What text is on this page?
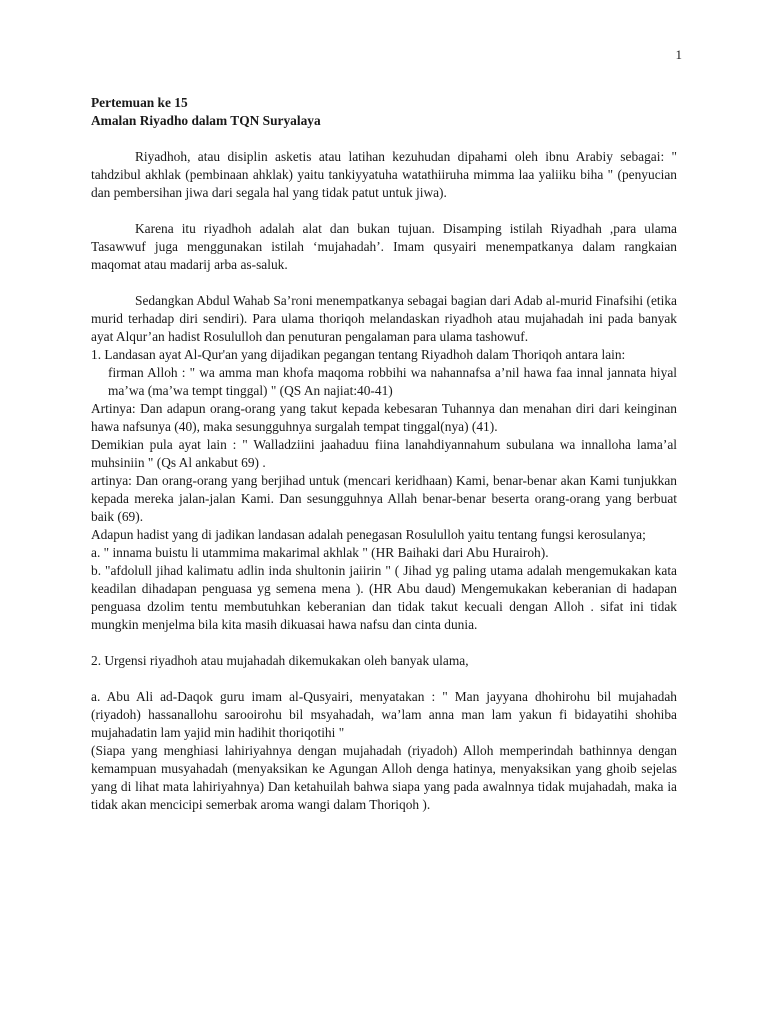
1

Pertemuan ke 15

Amalan Riyadho dalam TQN Suryalaya

Riyadhoh, atau disiplin asketis atau latihan kezuhudan dipahami oleh ibnu Arabiy sebagai: " tahdzibul akhlak (pembinaan ahklak) yaitu tankiyyatuha watathiiruha mimma laa yaliiku biha " (penyucian dan pembersihan jiwa dari segala hal yang tidak patut untuk jiwa).

Karena itu riyadhoh adalah alat dan bukan tujuan. Disamping istilah Riyadhah ,para ulama Tasawwuf juga menggunakan istilah ‘mujahadah’. Imam qusyairi menempatkanya dalam rangkaian maqomat atau madarij arba as-saluk.

Sedangkan Abdul Wahab Sa’roni menempatkanya sebagai bagian dari Adab al-murid Finafsihi (etika murid terhadap diri sendiri). Para ulama thoriqoh melandaskan riyadhoh atau mujahadah ini pada banyak ayat Alqur’an hadist Rosululloh dan penuturan pengalaman para ulama tashowuf.

1. Landasan ayat Al-Qur'an yang dijadikan pegangan tentang Riyadhoh dalam Thoriqoh antara lain:

firman Alloh : " wa amma man khofa maqoma robbihi wa nahannafsa a’nil hawa faa innal jannata hiyal ma’wa (ma’wa tempt tinggal) " (QS An najiat:40-41)

Artinya: Dan adapun orang-orang yang takut kepada kebesaran Tuhannya dan menahan diri dari keinginan hawa nafsunya (40), maka sesungguhnya surgalah tempat tinggal(nya) (41).

Demikian pula ayat lain : " Walladziini jaahaduu fiina lanahdiyannahum subulana wa innalloha lama’al muhsiniin " (Qs Al ankabut 69) .

artinya: Dan orang-orang yang berjihad untuk (mencari keridhaan) Kami, benar-benar akan Kami tunjukkan kepada mereka jalan-jalan Kami. Dan sesungguhnya Allah benar-benar beserta orang-orang yang berbuat baik (69).

Adapun hadist yang di jadikan landasan adalah penegasan Rosululloh yaitu tentang fungsi kerosulanya;

a. " innama buistu li utammima makarimal akhlak " (HR Baihaki dari Abu Hurairoh).

b. "afdolull jihad kalimatu adlin inda shultonin jaiirin " ( Jihad yg paling utama adalah mengemukakan kata keadilan dihadapan penguasa yg semena mena ). (HR Abu daud) Mengemukakan keberanian di hadapan penguasa dzolim tentu membutuhkan keberanian dan tidak takut kecuali dengan Alloh . sifat ini tidak mungkin menjelma bila kita masih dikuasai hawa nafsu dan cinta dunia.

2. Urgensi riyadhoh atau mujahadah dikemukakan oleh banyak ulama,

a. Abu Ali ad-Daqok guru imam al-Qusyairi, menyatakan : " Man jayyana dhohirohu bil mujahadah (riyadoh) hassanallohu sarooirohu bil msyahadah, wa’lam anna man lam yakun fi bidayatihi shohiba mujahadatin lam yajid min hadihit thoriqotihi "

(Siapa yang menghiasi lahiriyahnya dengan mujahadah (riyadoh) Alloh memperindah bathinnya dengan kemampuan musyahadah (menyaksikan ke Agungan Alloh denga hatinya, menyaksikan yang ghoib sejelas yang di lihat mata lahiriyahnya) Dan ketahuilah bahwa siapa yang pada awalnnya tidak mujahadah, maka ia tidak akan mencicipi semerbak aroma wangi dalam Thoriqoh ).
